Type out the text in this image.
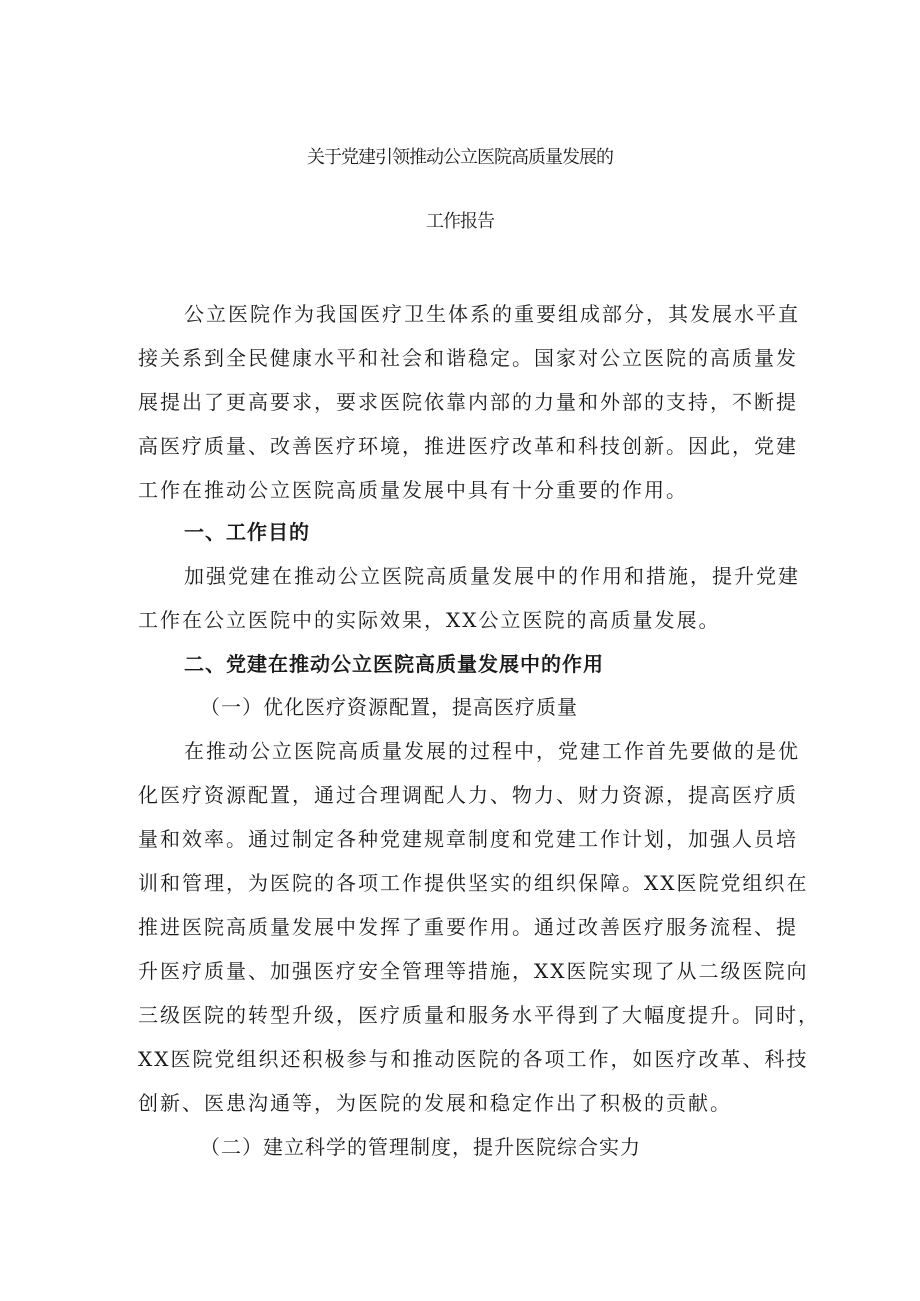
关于党建引领推动公立医院高质量发展的
工作报告
公立医院作为我国医疗卫生体系的重要组成部分，其发展水平直
接关系到全民健康水平和社会和谐稳定。国家对公立医院的高质量发
展提出了更高要求，要求医院依靠内部的力量和外部的支持，不断提
高医疗质量、改善医疗环境，推进医疗改革和科技创新。因此，党建
工作在推动公立医院高质量发展中具有十分重要的作用。
一、工作目的
加强党建在推动公立医院高质量发展中的作用和措施，提升党建
工作在公立医院中的实际效果，XX公立医院的高质量发展。
二、党建在推动公立医院高质量发展中的作用
（一）优化医疗资源配置，提高医疗质量
在推动公立医院高质量发展的过程中，党建工作首先要做的是优
化医疗资源配置，通过合理调配人力、物力、财力资源，提高医疗质
量和效率。通过制定各种党建规章制度和党建工作计划，加强人员培
训和管理，为医院的各项工作提供坚实的组织保障。XX医院党组织在
推进医院高质量发展中发挥了重要作用。通过改善医疗服务流程、提
升医疗质量、加强医疗安全管理等措施，XX医院实现了从二级医院向
三级医院的转型升级，医疗质量和服务水平得到了大幅度提升。同时，
XX医院党组织还积极参与和推动医院的各项工作，如医疗改革、科技
创新、医患沟通等，为医院的发展和稳定作出了积极的贡献。
（二）建立科学的管理制度，提升医院综合实力
